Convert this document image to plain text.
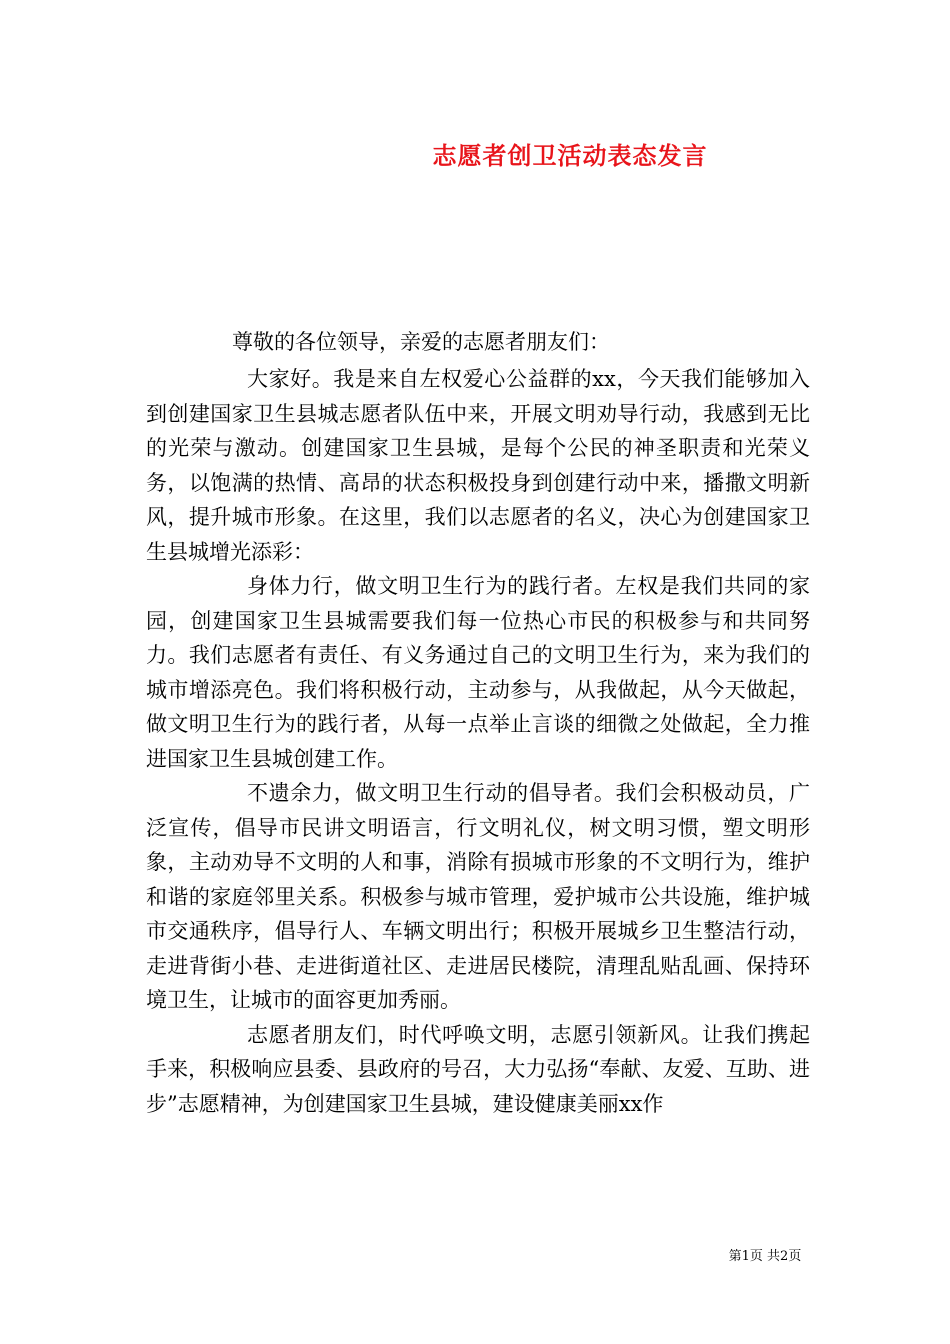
志愿者创卫活动表态发言
尊敬的各位领导，亲爱的志愿者朋友们：

大家好。我是来自左权爱心公益群的xx，今天我们能够加入到创建国家卫生县城志愿者队伍中来，开展文明劝导行动，我感到无比的光荣与激动。创建国家卫生县城，是每个公民的神圣职责和光荣义务，以饱满的热情、高昂的状态积极投身到创建行动中来，播撒文明新风，提升城市形象。在这里，我们以志愿者的名义，决心为创建国家卫生县城增光添彩：

身体力行，做文明卫生行为的践行者。左权是我们共同的家园，创建国家卫生县城需要我们每一位热心市民的积极参与和共同努力。我们志愿者有责任、有义务通过自己的文明卫生行为，来为我们的城市增添亮色。我们将积极行动，主动参与，从我做起，从今天做起，做文明卫生行为的践行者，从每一点举止言谈的细微之处做起，全力推进国家卫生县城创建工作。

不遗余力，做文明卫生行动的倡导者。我们会积极动员，广泛宣传，倡导市民讲文明语言，行文明礼仪，树文明习惯，塑文明形象，主动劝导不文明的人和事，消除有损城市形象的不文明行为，维护和谐的家庭邻里关系。积极参与城市管理，爱护城市公共设施，维护城市交通秩序，倡导行人、车辆文明出行；积极开展城乡卫生整洁行动，走进背街小巷、走进街道社区、走进居民楼院，清理乱贴乱画、保持环境卫生，让城市的面容更加秀丽。

志愿者朋友们，时代呼唤文明，志愿引领新风。让我们携起手来，积极响应县委、县政府的号召，大力弘扬“奉献、友爱、互助、进步”志愿精神，为创建国家卫生县城，建设健康美丽xx作

第1页 共2页
